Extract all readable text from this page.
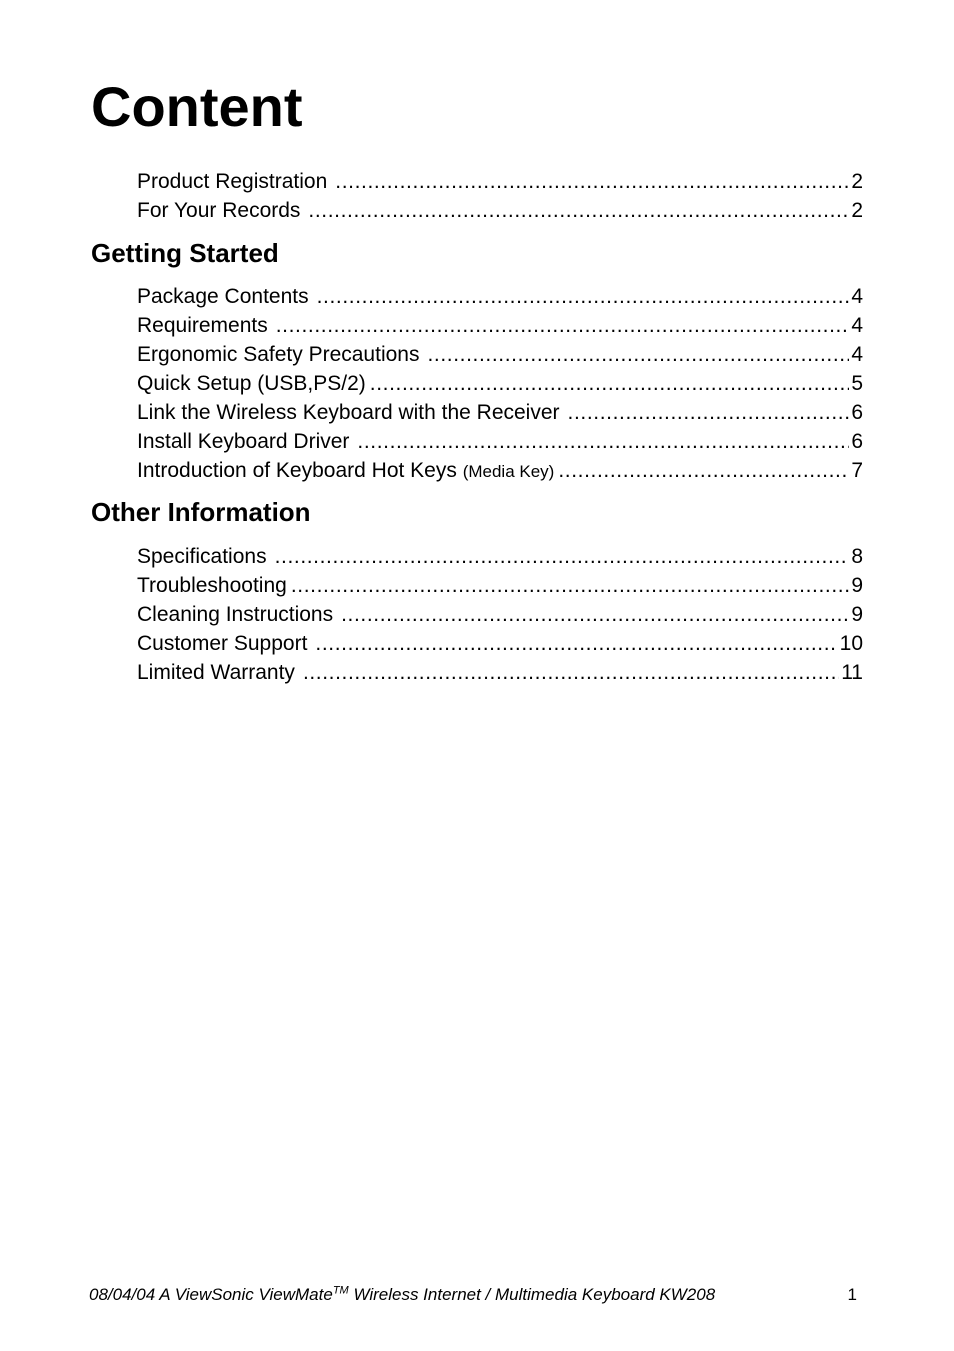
Content
Product Registration .....	2
For Your Records .....	2
Getting Started
Package Contents .....	4
Requirements .....	4
Ergonomic Safety Precautions .....	4
Quick Setup (USB,PS/2) .....	5
Link the Wireless Keyboard with the Receiver .....	6
Install Keyboard Driver .....	6
Introduction of Keyboard Hot Keys (Media Key) .....	7
Other Information
Specifications .....	8
Troubleshooting .....	9
Cleaning Instructions .....	9
Customer Support .....	10
Limited Warranty .....	11
08/04/04 A ViewSonic ViewMate™ Wireless Internet / Multimedia Keyboard KW208	1
